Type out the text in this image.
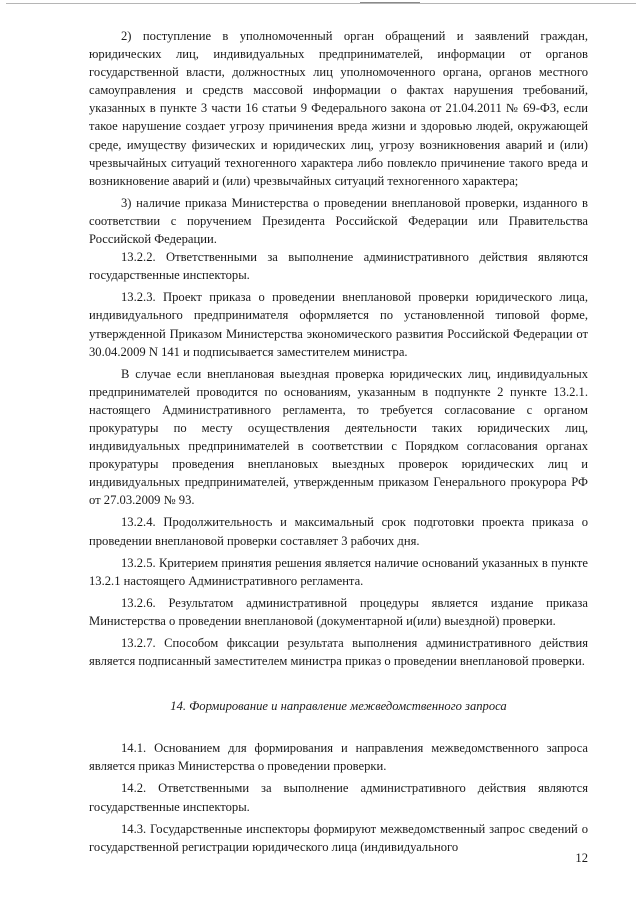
2) поступление в уполномоченный орган обращений и заявлений граждан, юридических лиц, индивидуальных предпринимателей, информации от органов государственной власти, должностных лиц уполномоченного органа, органов местного самоуправления и средств массовой информации о фактах нарушения требований, указанных в пункте 3 части 16 статьи 9 Федерального закона от 21.04.2011 № 69-ФЗ, если такое нарушение создает угрозу причинения вреда жизни и здоровью людей, окружающей среде, имуществу физических и юридических лиц, угрозу возникновения аварий и (или) чрезвычайных ситуаций техногенного характера либо повлекло причинение такого вреда и возникновение аварий и (или) чрезвычайных ситуаций техногенного характера;

3) наличие приказа Министерства о проведении внеплановой проверки, изданного в соответствии с поручением Президента Российской Федерации или Правительства Российской Федерации.

13.2.2. Ответственными за выполнение административного действия являются государственные инспекторы.

13.2.3. Проект приказа о проведении внеплановой проверки юридического лица, индивидуального предпринимателя оформляется по установленной типовой форме, утвержденной Приказом Министерства экономического развития Российской Федерации от 30.04.2009 N 141 и подписывается заместителем министра.

В случае если внеплановая выездная проверка юридических лиц, индивидуальных предпринимателей проводится по основаниям, указанным в подпункте 2 пункте 13.2.1. настоящего Административного регламента, то требуется согласование с органом прокуратуры по месту осуществления деятельности таких юридических лиц, индивидуальных предпринимателей в соответствии с Порядком согласования органах прокуратуры проведения внеплановых выездных проверок юридических лиц и индивидуальных предпринимателей, утвержденным приказом Генерального прокурора РФ от 27.03.2009 № 93.

13.2.4. Продолжительность и максимальный срок подготовки проекта приказа о проведении внеплановой проверки составляет 3 рабочих дня.

13.2.5. Критерием принятия решения является наличие оснований указанных в пункте 13.2.1 настоящего Административного регламента.

13.2.6. Результатом административной процедуры является издание приказа Министерства о проведении внеплановой (документарной и(или) выездной) проверки.

13.2.7. Способом фиксации результата выполнения административного действия является подписанный заместителем министра приказ о проведении внеплановой проверки.

14. Формирование и направление межведомственного запроса

14.1. Основанием для формирования и направления межведомственного запроса является приказ Министерства о проведении проверки.

14.2. Ответственными за выполнение административного действия являются государственные инспекторы.

14.3. Государственные инспекторы формируют межведомственный запрос сведений о государственной регистрации юридического лица (индивидуального

12
